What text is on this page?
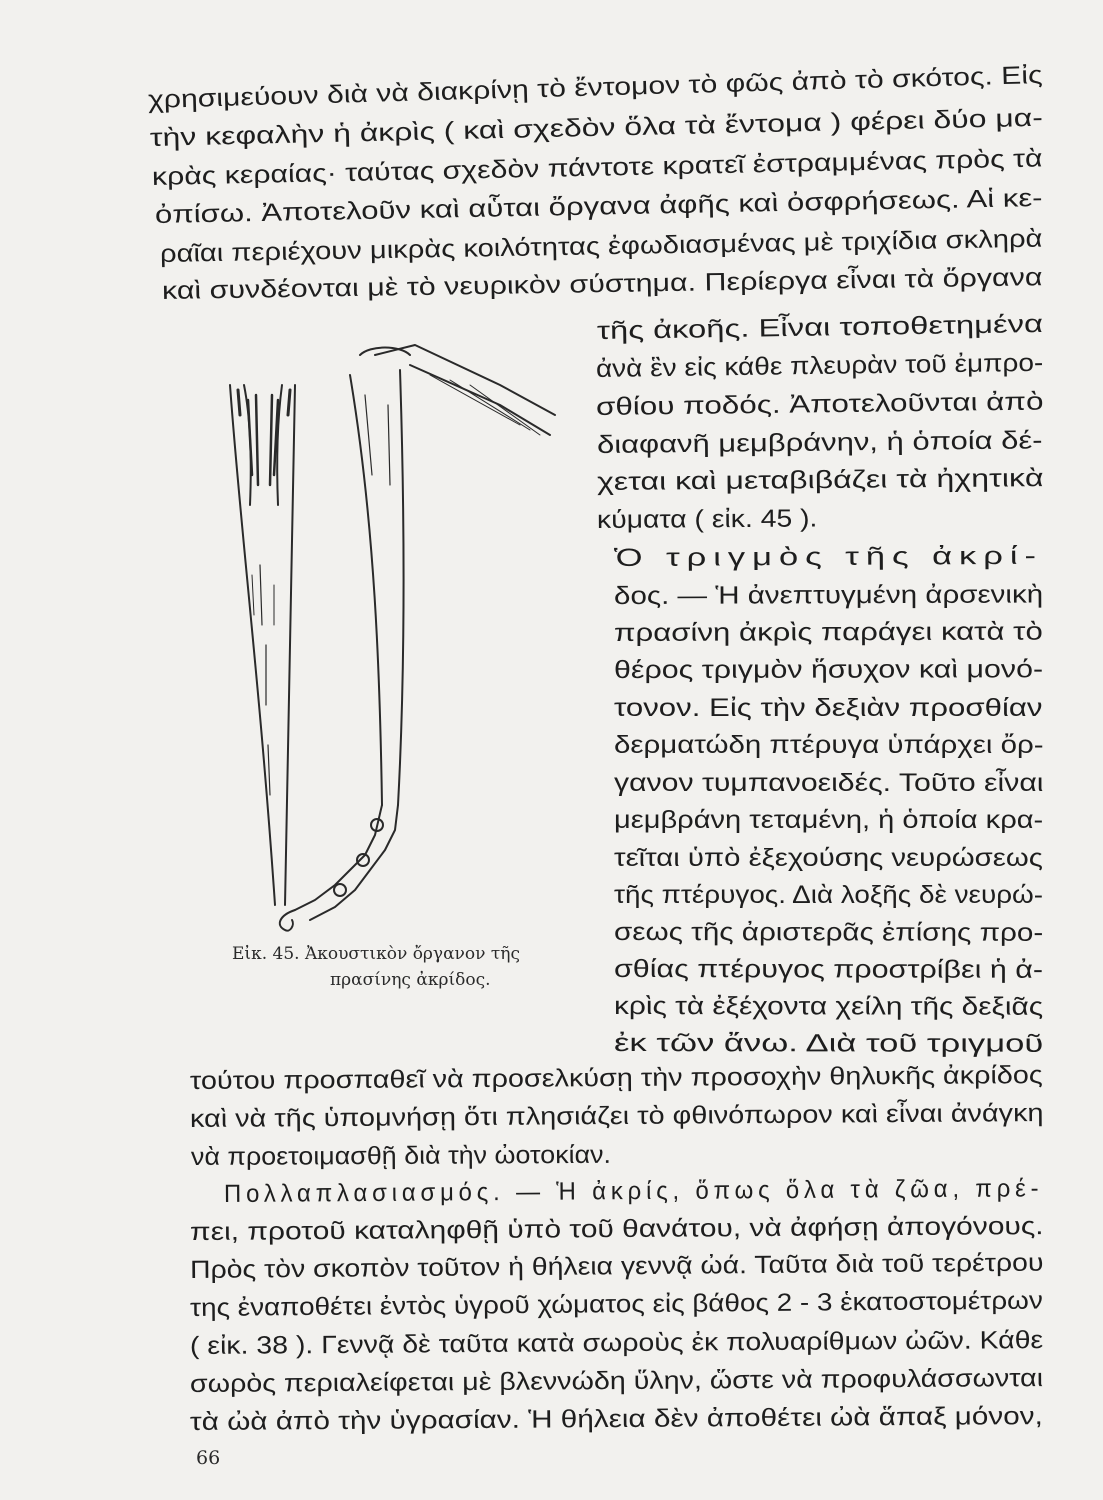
χρησιμεύουν διὰ νὰ διακρίνῃ τὸ ἔντομον τὸ φῶς ἀπὸ τὸ σκότος. Εἰς
τὴν κεφαλὴν ἡ ἀκρὶς ( καὶ σχεδὸν ὅλα τὰ ἔντομα ) φέρει δύο μα-
κρὰς κεραίας· ταύτας σχεδὸν πάντοτε κρατεῖ ἐστραμμένας πρὸς τὰ
ὀπίσω. Ἀποτελοῦν καὶ αὗται ὄργανα ἀφῆς καὶ ὀσφρήσεως. Αἱ κε-
ραῖαι περιέχουν μικρὰς κοιλότητας ἐφωδιασμένας μὲ τριχίδια σκληρὰ
καὶ συνδέονται μὲ τὸ νευρικὸν σύστημα. Περίεργα εἶναι τὰ ὄργανα
τῆς ἀκοῆς. Εἶναι τοποθετημένα
ἀνὰ ἓν εἰς κάθε πλευρὰν τοῦ ἐμπρο-
σθίου ποδός. Ἀποτελοῦνται ἀπὸ
διαφανῆ μεμβράνην, ἡ ὁποία δέ-
χεται καὶ μεταβιβάζει τὰ ἠχητικὰ
κύματα ( εἰκ. 45 ).
Ὁ τριγμὸς τῆς ἀκρί-
δος. — Ἡ ἀνεπτυγμένη ἀρσενικὴ
πρασίνη ἀκρὶς παράγει κατὰ τὸ
θέρος τριγμὸν ἥσυχον καὶ μονό-
τονον. Εἰς τὴν δεξιὰν προσθίαν
δερματώδη πτέρυγα ὑπάρχει ὄρ-
γανον τυμπανοειδές. Τοῦτο εἶναι
μεμβράνη τεταμένη, ἡ ὁποία κρα-
τεῖται ὑπὸ ἐξεχούσης νευρώσεως
τῆς πτέρυγος. Διὰ λοξῆς δὲ νευρώ-
σεως τῆς ἀριστερᾶς ἐπίσης προ-
σθίας πτέρυγος προστρίβει ἡ ἀ-
κρὶς τὰ ἐξέχοντα χείλη τῆς δεξιᾶς
ἐκ τῶν ἄνω. Διὰ τοῦ τριγμοῦ
τούτου προσπαθεῖ νὰ προσελκύσῃ τὴν προσοχὴν θηλυκῆς ἀκρίδος
καὶ νὰ τῆς ὑπομνήσῃ ὅτι πλησιάζει τὸ φθινόπωρον καὶ εἶναι ἀνάγκη
νὰ προετοιμασθῇ διὰ τὴν ὠοτοκίαν.
Πολλαπλασιασμός. — Ἡ ἀκρίς, ὅπως ὅλα τὰ ζῶα, πρέ-
πει, προτοῦ καταληφθῇ ὑπὸ τοῦ θανάτου, νὰ ἀφήσῃ ἀπογόνους.
Πρὸς τὸν σκοπὸν τοῦτον ἡ θήλεια γεννᾷ ὠά. Ταῦτα διὰ τοῦ τερέτρου
της ἐναποθέτει ἐντὸς ὑγροῦ χώματος εἰς βάθος 2 - 3 ἑκατοστομέτρων
( εἰκ. 38 ). Γεννᾷ δὲ ταῦτα κατὰ σωροὺς ἐκ πολυαρίθμων ὠῶν. Κάθε
σωρὸς περιαλείφεται μὲ βλεννώδη ὕλην, ὥστε νὰ προφυλάσσωνται
τὰ ὠὰ ἀπὸ τὴν ὑγρασίαν. Ἡ θήλεια δὲν ἀποθέτει ὠὰ ἅπαξ μόνον,
Εἰκ. 45. Ἀκουστικὸν ὄργανον τῆς
πρασίνης ἀκρίδος.
66
